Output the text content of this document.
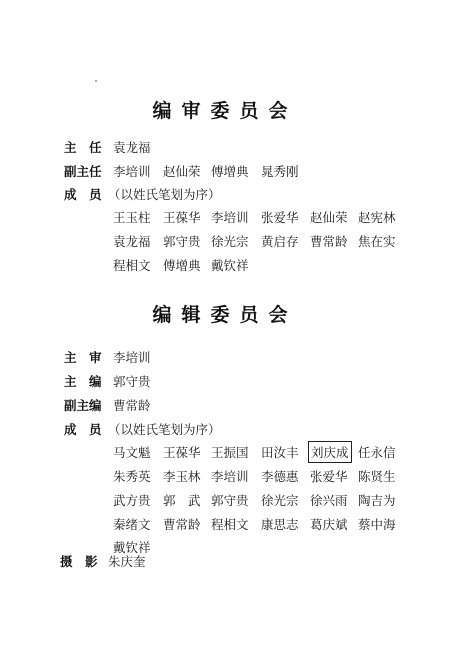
编审委员会
主　任 袁龙福
副主任 李培训 赵仙荣 傅增典 晁秀刚
成　员 （以姓氏笔划为序）
王玉柱 王葆华 李培训 张爱华 赵仙荣 赵宪林
袁龙福 郭守贵 徐光宗 黄启存 曹常龄 焦在实
程相文 傅增典 戴钦祥
编辑委员会
主　审 李培训
主　编 郭守贵
副主编 曹常龄
成　员 （以姓氏笔划为序）
马文魁 王葆华 王振国 田汝丰 刘庆成 任永信
朱秀英 李玉林 李培训 李德惠 张爱华 陈贤生
武方贵 郭　武 郭守贵 徐光宗 徐兴雨 陶吉为
秦绪文 曹常龄 程相文 康思志 葛庆斌 蔡中海
戴钦祥
摄　影 朱庆奎
